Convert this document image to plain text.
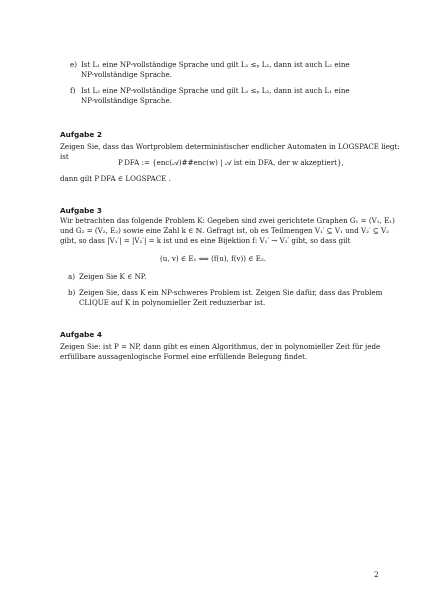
e) Ist L₁ eine NP-vollständige Sprache und gilt L₁ ≤ₚ L₂, dann ist auch L₂ eine
NP-vollständige Sprache.
f) Ist L₂ eine NP-vollständige Sprache und gilt L₁ ≤ₚ L₂, dann ist auch L₁ eine
NP-vollständige Sprache.
Aufgabe 2
Zeigen Sie, dass das Wortproblem deterministischer endlicher Automaten in LOGSPACE liegt:
ist
P DFA := {enc(𝒜)##enc(w) | 𝒜 ist ein DFA, der w akzeptiert},
dann gilt P DFA ∈ LOGSPACE .
Aufgabe 3
Wir betrachten das folgende Problem K: Gegeben sind zwei gerichtete Graphen G₁ = (V₁, E₁)
und G₂ = (V₂, E₂) sowie eine Zahl k ∈ ℕ. Gefragt ist, ob es Teilmengen V₁′ ⊆ V₁ und V₂′ ⊆ V₂
gibt, so dass |V₁′| = |V₂′| = k ist und es eine Bijektion f: V₁′ → V₂′ gibt, so dass gilt
(u, v) ∈ E₁ ⟺ (f(u), f(v)) ∈ E₂.
a) Zeigen Sie K ∈ NP.
b) Zeigen Sie, dass K ein NP-schweres Problem ist. Zeigen Sie dafür, dass das Problem
CLIQUE auf K in polynomieller Zeit reduzierbar ist.
Aufgabe 4
Zeigen Sie: ist P = NP, dann gibt es einen Algorithmus, der in polynomieller Zeit für jede
erfüllbare aussagenlogische Formel eine erfüllende Belegung findet.
2
